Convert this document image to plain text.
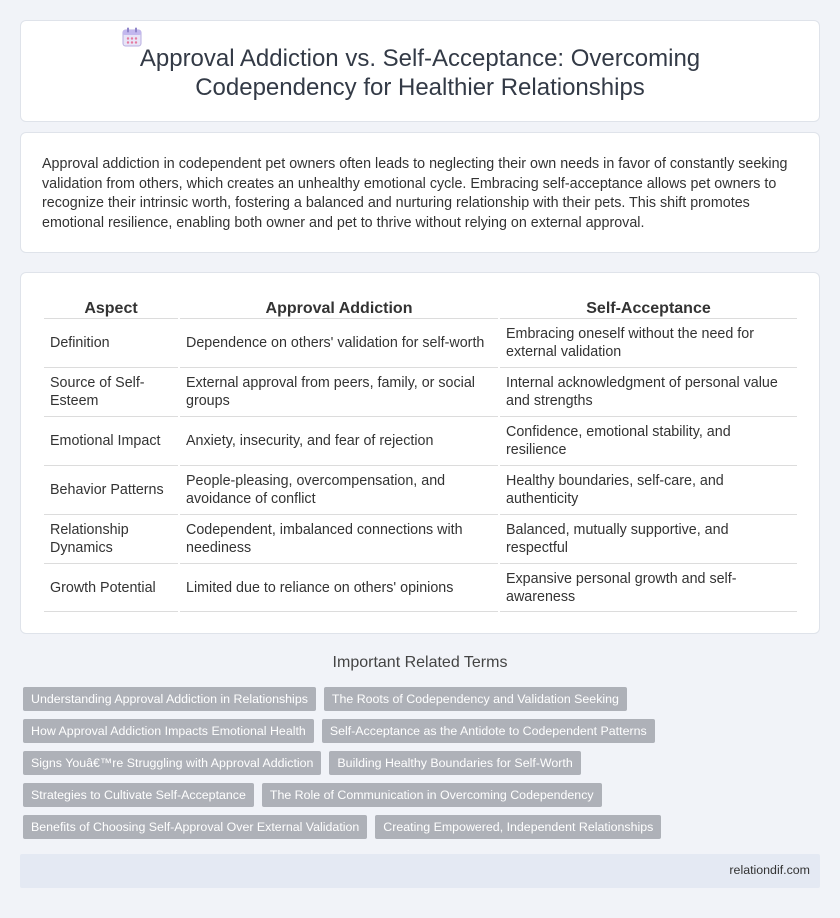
Approval Addiction vs. Self-Acceptance: Overcoming Codependency for Healthier Relationships

Approval addiction in codependent pet owners often leads to neglecting their own needs in favor of constantly seeking validation from others, which creates an unhealthy emotional cycle. Embracing self-acceptance allows pet owners to recognize their intrinsic worth, fostering a balanced and nurturing relationship with their pets. This shift promotes emotional resilience, enabling both owner and pet to thrive without relying on external approval.

Aspect	Approval Addiction	Self-Acceptance
Definition	Dependence on others' validation for self-worth	Embracing oneself without the need for external validation
Source of Self-Esteem	External approval from peers, family, or social groups	Internal acknowledgment of personal value and strengths
Emotional Impact	Anxiety, insecurity, and fear of rejection	Confidence, emotional stability, and resilience
Behavior Patterns	People-pleasing, overcompensation, and avoidance of conflict	Healthy boundaries, self-care, and authenticity
Relationship Dynamics	Codependent, imbalanced connections with neediness	Balanced, mutually supportive, and respectful
Growth Potential	Limited due to reliance on others' opinions	Expansive personal growth and self-awareness
Important Related Terms
Understanding Approval Addiction in Relationships	The Roots of Codependency and Validation Seeking
How Approval Addiction Impacts Emotional Health	Self-Acceptance as the Antidote to Codependent Patterns
Signs Youâ€™re Struggling with Approval Addiction	Building Healthy Boundaries for Self-Worth
Strategies to Cultivate Self-Acceptance	The Role of Communication in Overcoming Codependency
Benefits of Choosing Self-Approval Over External Validation	Creating Empowered, Independent Relationships
relationdif.com
